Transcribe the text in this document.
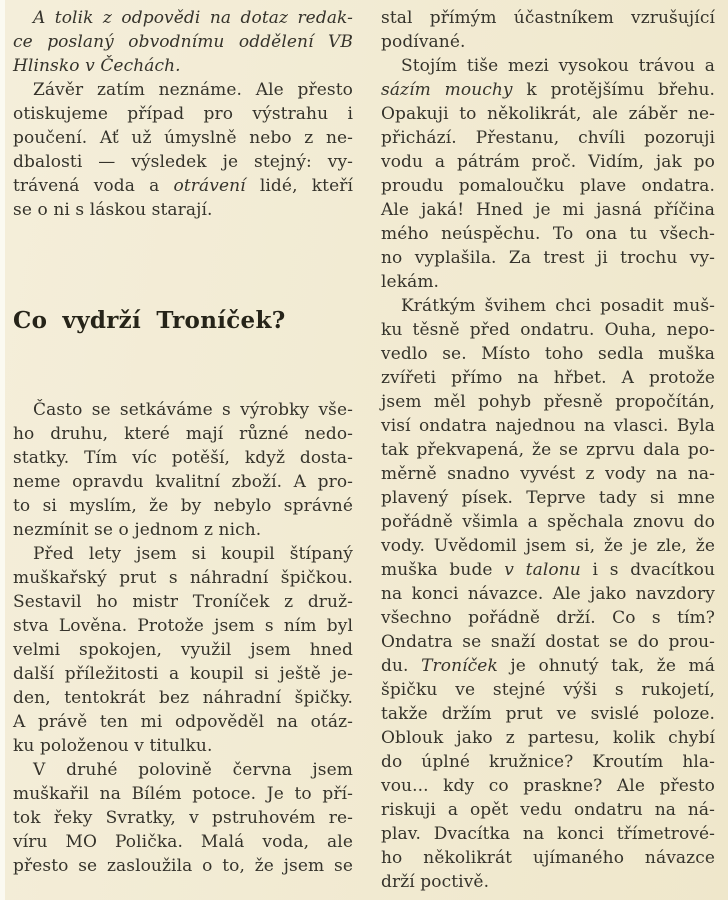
A tolik z odpovědi na dotaz redak-
ce poslaný obvodnímu oddělení VB
Hlinsko v Čechách.
Závěr zatím neznáme. Ale přesto
otiskujeme případ pro výstrahu i
poučení. Ať už úmyslně nebo z ne-
dbalosti — výsledek je stejný: vy-
trávená voda a otrávení lidé, kteří
se o ni s láskou starají.
Co vydrží Troníček?
Často se setkáváme s výrobky vše-
ho druhu, které mají různé nedo-
statky. Tím víc potěší, když dosta-
neme opravdu kvalitní zboží. A pro-
to si myslím, že by nebylo správné
nezmínit se o jednom z nich.
Před lety jsem si koupil štípaný
muškařský prut s náhradní špičkou.
Sestavil ho mistr Troníček z druž-
stva Lověna. Protože jsem s ním byl
velmi spokojen, využil jsem hned
další příležitosti a koupil si ještě je-
den, tentokrát bez náhradní špičky.
A právě ten mi odpověděl na otáz-
ku položenou v titulku.
V druhé polovině června jsem
muškařil na Bílém potoce. Je to pří-
tok řeky Svratky, v pstruhovém re-
víru MO Polička. Malá voda, ale
přesto se zasloužila o to, že jsem se
stal přímým účastníkem vzrušující
podívané.
Stojím tiše mezi vysokou trávou a
sázím mouchy k protějšímu břehu.
Opakuji to několikrát, ale záběr ne-
přichází. Přestanu, chvíli pozoruji
vodu a pátrám proč. Vidím, jak po
proudu pomaloučku plave ondatra.
Ale jaká! Hned je mi jasná příčina
mého neúspěchu. To ona tu všech-
no vyplašila. Za trest ji trochu vy-
lekám.
Krátkým švihem chci posadit muš-
ku těsně před ondatru. Ouha, nepo-
vedlo se. Místo toho sedla muška
zvířeti přímo na hřbet. A protože
jsem měl pohyb přesně propočítán,
visí ondatra najednou na vlasci. Byla
tak překvapená, že se zprvu dala po-
měrně snadno vyvést z vody na na-
plavený písek. Teprve tady si mne
pořádně všimla a spěchala znovu do
vody. Uvědomil jsem si, že je zle, že
muška bude v talonu i s dvacítkou
na konci návazce. Ale jako navzdory
všechno pořádně drží. Co s tím?
Ondatra se snaží dostat se do prou-
du. Troníček je ohnutý tak, že má
špičku ve stejné výši s rukojetí,
takže držím prut ve svislé poloze.
Oblouk jako z partesu, kolik chybí
do úplné kružnice? Kroutím hla-
vou... kdy co praskne? Ale přesto
riskuji a opět vedu ondatru na ná-
plav. Dvacítka na konci třímetrové-
ho několikrát ujímaného návazce
drží poctivě.
